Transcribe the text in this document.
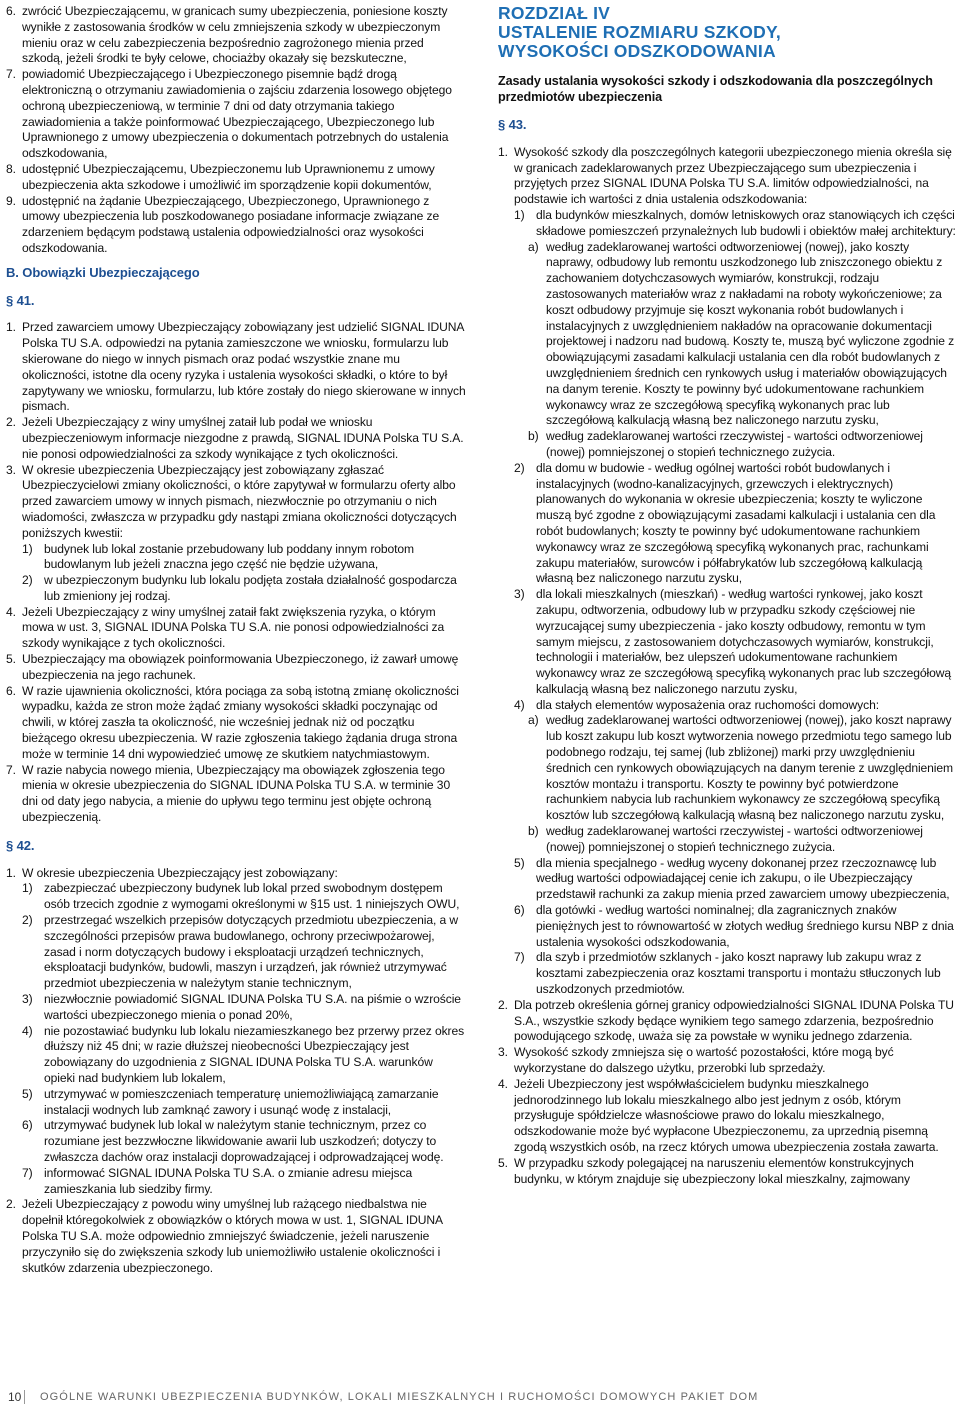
6. zwrócić Ubezpieczającemu, w granicach sumy ubezpieczenia, poniesione koszty wynikłe z zastosowania środków w celu zmniejszenia szkody w ubezpieczonym mieniu oraz w celu zabezpieczenia bezpośrednio zagrożonego mienia przed szkodą, jeżeli środki te były celowe, chociażby okazały się bezskuteczne,

7. powiadomić Ubezpieczającego i Ubezpieczonego pisemnie bądź drogą elektroniczną o otrzymaniu zawiadomienia o zajściu zdarzenia losowego objętego ochroną ubezpieczeniową, w terminie 7 dni od daty otrzymania takiego zawiadomienia a także poinformować Ubezpieczającego, Ubezpieczonego lub Uprawnionego z umowy ubezpieczenia o dokumentach potrzebnych do ustalenia odszkodowania,

8. udostępnić Ubezpieczającemu, Ubezpieczonemu lub Uprawnionemu z umowy ubezpieczenia akta szkodowe i umożliwić im sporządzenie kopii dokumentów,

9. udostępnić na żądanie Ubezpieczającego, Ubezpieczonego, Uprawnionego z umowy ubezpieczenia lub poszkodowanego posiadane informacje związane ze zdarzeniem będącym podstawą ustalenia odpowiedzialności oraz wysokości odszkodowania.

B. Obowiązki Ubezpieczającego
§ 41.

1. Przed zawarciem umowy Ubezpieczający zobowiązany jest udzielić SIGNAL IDUNA Polska TU S.A. odpowiedzi na pytania zamieszczone we wniosku, formularzu lub skierowane do niego w innych pismach oraz podać wszystkie znane mu okoliczności, istotne dla oceny ryzyka i ustalenia wysokości składki, o które to był zapytywany we wniosku, formularzu, lub które zostały do niego skierowane w innych pismach.

2. Jeżeli Ubezpieczający z winy umyślnej zataił lub podał we wniosku ubezpieczeniowym informacje niezgodne z prawdą, SIGNAL IDUNA Polska TU S.A. nie ponosi odpowiedzialności za szkody wynikające z tych okoliczności.

3. W okresie ubezpieczenia Ubezpieczający jest zobowiązany zgłaszać Ubezpieczycielowi zmiany okoliczności, o które zapytywał w formularzu oferty albo przed zawarciem umowy w innych pismach, niezwłocznie po otrzymaniu o nich wiadomości, zwłaszcza w przypadku gdy nastąpi zmiana okoliczności dotyczących poniższych kwestii:

1) budynek lub lokal zostanie przebudowany lub poddany innym robotom budowlanym lub jeżeli znaczna jego część nie będzie używana,

2) w ubezpieczonym budynku lub lokalu podjęta została działalność gospodarcza lub zmieniony jej rodzaj.

4. Jeżeli Ubezpieczający z winy umyślnej zataił fakt zwiększenia ryzyka, o którym mowa w ust. 3, SIGNAL IDUNA Polska TU S.A. nie ponosi odpowiedzialności za szkody wynikające z tych okoliczności.

5. Ubezpieczający ma obowiązek poinformowania Ubezpieczonego, iż zawarł umowę ubezpieczenia na jego rachunek.

6. W razie ujawnienia okoliczności, która pociąga za sobą istotną zmianę okoliczności wypadku, każda ze stron może żądać zmiany wysokości składki poczynając od chwili, w której zaszła ta okoliczność, nie wcześniej jednak niż od początku bieżącego okresu ubezpieczenia. W razie zgłoszenia takiego żądania druga strona może w terminie 14 dni wypowiedzieć umowę ze skutkiem natychmiastowym.

7. W razie nabycia nowego mienia, Ubezpieczający ma obowiązek zgłoszenia tego mienia w okresie ubezpieczenia do SIGNAL IDUNA Polska TU S.A. w terminie 30 dni od daty jego nabycia, a mienie do upływu tego terminu jest objęte ochroną ubezpieczenią.

§ 42.

1. W okresie ubezpieczenia Ubezpieczający jest zobowiązany:

1) zabezpieczać ubezpieczony budynek lub lokal przed swobodnym dostępem osób trzecich zgodnie z wymogami określonymi w §15 ust. 1 niniejszych OWU,

2) przestrzegać wszelkich przepisów dotyczących przedmiotu ubezpieczenia, a w szczególności przepisów prawa budowlanego, ochrony przeciwpożarowej, zasad i norm dotyczących budowy i eksploatacji urządzeń technicznych, eksploatacji budynków, budowli, maszyn i urządzeń, jak również utrzymywać przedmiot ubezpieczenia w należytym stanie technicznym,

3) niezwłocznie powiadomić SIGNAL IDUNA Polska TU S.A. na piśmie o wzroście wartości ubezpieczonego mienia o ponad 20%,

4) nie pozostawiać budynku lub lokalu niezamieszkanego bez przerwy przez okres dłuższy niż 45 dni; w razie dłuższej nieobecności Ubezpieczający jest zobowiązany do uzgodnienia z SIGNAL IDUNA Polska TU S.A. warunków opieki nad budynkiem lub lokalem,

5) utrzymywać w pomieszczeniach temperaturę uniemożliwiającą zamarzanie instalacji wodnych lub zamknąć zawory i usunąć wodę z instalacji,

6) utrzymywać budynek lub lokal w należytym stanie technicznym, przez co rozumiane jest bezzwłoczne likwidowanie awarii lub uszkodzeń; dotyczy to zwłaszcza dachów oraz instalacji doprowadzającej i odprowadzającej wodę.

7) informować SIGNAL IDUNA Polska TU S.A. o zmianie adresu miejsca zamieszkania lub siedziby firmy.

2. Jeżeli Ubezpieczający z powodu winy umyślnej lub rażącego niedbalstwa nie dopełnił któregokolwiek z obowiązków o których mowa w ust. 1, SIGNAL IDUNA Polska TU S.A. może odpowiednio zmniejszyć świadczenie, jeżeli naruszenie przyczyniło się do zwiększenia szkody lub uniemożliwiło ustalenie okoliczności i skutków zdarzenia ubezpieczonego.

ROZDZIAŁ IV
USTALENIE ROZMIARU SZKODY,
WYSOKOŚCI ODSZKODOWANIA
Zasady ustalania wysokości szkody i odszkodowania dla poszczególnych przedmiotów ubezpieczenia
§ 43.

1. Wysokość szkody dla poszczególnych kategorii ubezpieczonego mienia określa się w granicach zadeklarowanych przez Ubezpieczającego sum ubezpieczenia i przyjętych przez SIGNAL IDUNA Polska TU S.A. limitów odpowiedzialności, na podstawie ich wartości z dnia ustalenia odszkodowania:

1) dla budynków mieszkalnych, domów letniskowych oraz stanowiących ich części składowe pomieszczeń przynależnych lub budowli i obiektów małej architektury:

a) według zadeklarowanej wartości odtworzeniowej (nowej), jako koszty naprawy, odbudowy lub remontu uszkodzonego lub zniszczonego obiektu z zachowaniem dotychczasowych wymiarów, konstrukcji, rodzaju zastosowanych materiałów wraz z nakładami na roboty wykończeniowe; za koszt odbudowy przyjmuje się koszt wykonania robót budowlanych i instalacyjnych z uwzględnieniem nakładów na opracowanie dokumentacji projektowej i nadzoru nad budową. Koszty te, muszą być wyliczone zgodnie z obowiązującymi zasadami kalkulacji ustalania cen dla robót budowlanych z uwzględnieniem średnich cen rynkowych usług i materiałów obowiązujących na danym terenie. Koszty te powinny być udokumentowane rachunkiem wykonawcy wraz ze szczegółową specyfiką wykonanych prac lub szczegółową kalkulacją własną bez naliczonego narzutu zysku,

b) według zadeklarowanej wartości rzeczywistej - wartości odtworzeniowej (nowej) pomniejszonej o stopień technicznego zużycia.

2) dla domu w budowie - według ogólnej wartości robót budowlanych i instalacyjnych (wodno-kanalizacyjnych, grzewczych i elektrycznych) planowanych do wykonania w okresie ubezpieczenia; koszty te wyliczone muszą być zgodne z obowiązującymi zasadami kalkulacji i ustalania cen dla robót budowlanych; koszty te powinny być udokumentowane rachunkiem wykonawcy wraz ze szczegółową specyfiką wykonanych prac, rachunkami zakupu materiałów, surowców i półfabrykatów lub szczegółową kalkulacją własną bez naliczonego narzutu zysku,

3) dla lokali mieszkalnych (mieszkań) - według wartości rynkowej, jako koszt zakupu, odtworzenia, odbudowy lub w przypadku szkody częściowej nie wyrzucającej sumy ubezpieczenia - jako koszty odbudowy, remontu w tym samym miejscu, z zastosowaniem dotychczasowych wymiarów, konstrukcji, technologii i materiałów, bez ulepszeń udokumentowane rachunkiem wykonawcy wraz ze szczegółową specyfiką wykonanych prac lub szczegółową kalkulacją własną bez naliczonego narzutu zysku,

4) dla stałych elementów wyposażenia oraz ruchomości domowych:

a) według zadeklarowanej wartości odtworzeniowej (nowej), jako koszt naprawy lub koszt zakupu lub koszt wytworzenia nowego przedmiotu tego samego lub podobnego rodzaju, tej samej (lub zbliżonej) marki przy uwzględnieniu średnich cen rynkowych obowiązujących na danym terenie z uwzględnieniem kosztów montażu i transportu. Koszty te powinny być potwierdzone rachunkiem nabycia lub rachunkiem wykonawcy ze szczegółową specyfiką kosztów lub szczegółową kalkulacją własną bez naliczonego narzutu zysku,

b) według zadeklarowanej wartości rzeczywistej - wartości odtworzeniowej (nowej) pomniejszonej o stopień technicznego zużycia.

5) dla mienia specjalnego - według wyceny dokonanej przez rzeczoznawcę lub według wartości odpowiadającej cenie ich zakupu, o ile Ubezpieczający przedstawił rachunki za zakup mienia przed zawarciem umowy ubezpieczenia,

6) dla gotówki - według wartości nominalnej; dla zagranicznych znaków pieniężnych jest to równowartość w złotych według średniego kursu NBP z dnia ustalenia wysokości odszkodowania,

7) dla szyb i przedmiotów szklanych - jako koszt naprawy lub zakupu wraz z kosztami zabezpieczenia oraz kosztami transportu i montażu stłuczonych lub uszkodzonych przedmiotów.

2. Dla potrzeb określenia górnej granicy odpowiedzialności SIGNAL IDUNA Polska TU S.A., wszystkie szkody będące wynikiem tego samego zdarzenia, bezpośrednio powodującego szkodę, uważa się za powstałe w wyniku jednego zdarzenia.

3. Wysokość szkody zmniejsza się o wartość pozostałości, które mogą być wykorzystane do dalszego użytku, przerobki lub sprzedaży.

4. Jeżeli Ubezpieczony jest współwłaścicielem budynku mieszkalnego jednorodzinnego lub lokalu mieszkalnego albo jest jednym z osób, którym przysługuje spółdzielcze własnościowe prawo do lokalu mieszkalnego, odszkodowanie może być wypłacone Ubezpieczonemu, za uprzednią pisemną zgodą wszystkich osób, na rzecz których umowa ubezpieczenia została zawarta.

5. W przypadku szkody polegającej na naruszeniu elementów konstrukcyjnych budynku, w którym znajduje się ubezpieczony lokal mieszkalny, zajmowany

10 OGÓLNE WARUNKI UBEZPIECZENIA BUDYNKÓW, LOKALI MIESZKALNYCH I RUCHOMOŚCI DOMOWYCH PAKIET DOM
